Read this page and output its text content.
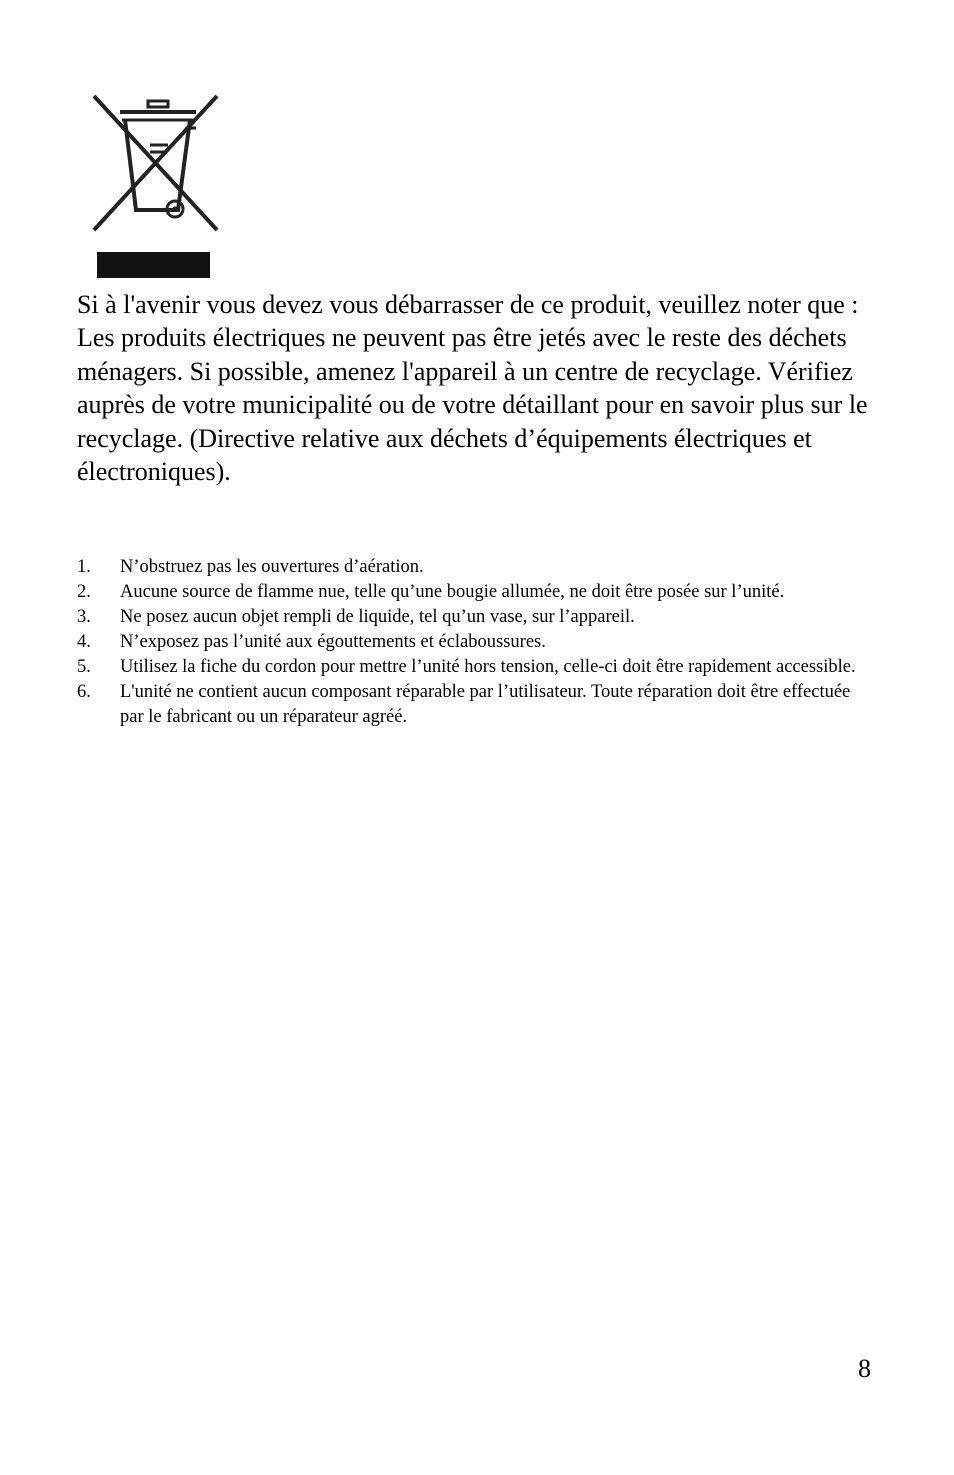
Si à l'avenir vous devez vous débarrasser de ce produit, veuillez noter que :

Les produits électriques ne peuvent pas être jetés avec le reste des déchets ménagers. Si possible, amenez l'appareil à un centre de recyclage. Vérifiez auprès de votre municipalité ou de votre détaillant pour en savoir plus sur le recyclage. (Directive relative aux déchets d’équipements électriques et électroniques).

1.	N’obstruez pas les ouvertures d’aération.
2.	Aucune source de flamme nue, telle qu’une bougie allumée, ne doit être posée sur l’unité.
3.	Ne posez aucun objet rempli de liquide, tel qu’un vase, sur l’appareil.
4.	N’exposez pas l’unité aux égouttements et éclaboussures.
5.	Utilisez la fiche du cordon pour mettre l’unité hors tension, celle-ci doit être rapidement accessible.
6.	L'unité ne contient aucun composant réparable par l’utilisateur. Toute réparation doit être effectuée par le fabricant ou un réparateur agréé.
8
